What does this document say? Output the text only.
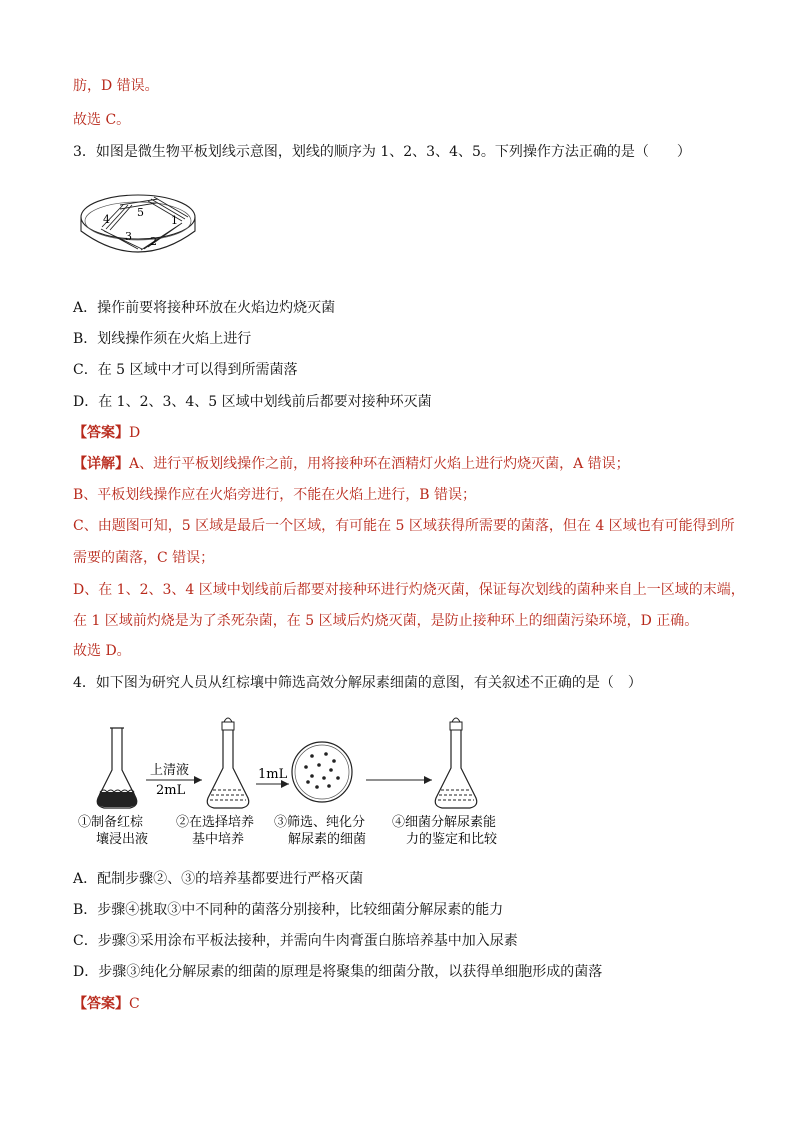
肪，D 错误。
故选 C。
3．如图是微生物平板划线示意图，划线的顺序为 1、2、3、4、5。下列操作方法正确的是（　　）
1
2
3
4
5
A．操作前要将接种环放在火焰边灼烧灭菌
B．划线操作须在火焰上进行
C．在 5 区域中才可以得到所需菌落
D．在 1、2、3、4、5 区域中划线前后都要对接种环灭菌
【答案】D
【详解】A、进行平板划线操作之前，用将接种环在酒精灯火焰上进行灼烧灭菌，A 错误；
B、平板划线操作应在火焰旁进行，不能在火焰上进行，B 错误；
C、由题图可知，5 区域是最后一个区域，有可能在 5 区域获得所需要的菌落，但在 4 区域也有可能得到所
需要的菌落，C 错误；
D、在 1、2、3、4 区域中划线前后都要对接种环进行灼烧灭菌，保证每次划线的菌种来自上一区域的末端，
在 1 区域前灼烧是为了杀死杂菌，在 5 区域后灼烧灭菌，是防止接种环上的细菌污染环境，D 正确。
故选 D。
4．如下图为研究人员从红棕壤中筛选高效分解尿素细菌的意图，有关叙述不正确的是（　）
上清液
2mL
1mL
①制备红棕
壤浸出液
②在选择培养
基中培养
③筛选、纯化分
解尿素的细菌
④细菌分解尿素能
力的鉴定和比较
A．配制步骤②、③的培养基都要进行严格灭菌
B．步骤④挑取③中不同种的菌落分别接种，比较细菌分解尿素的能力
C．步骤③采用涂布平板法接种，并需向牛肉膏蛋白胨培养基中加入尿素
D．步骤③纯化分解尿素的细菌的原理是将聚集的细菌分散，以获得单细胞形成的菌落
【答案】C
